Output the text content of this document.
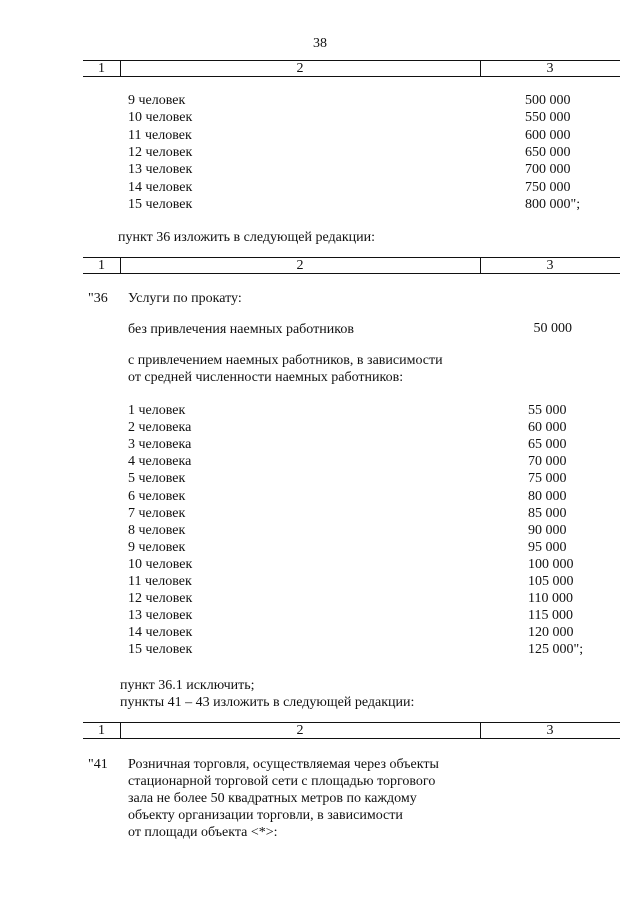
38
1	2	3
9 человек	500 000
10 человек	550 000
11 человек	600 000
12 человек	650 000
13 человек	700 000
14 человек	750 000
15 человек	800 000";
пункт 36 изложить в следующей редакции:
1	2	3
"36 Услуги по прокату:
без привлечения наемных работников	50 000
с привлечением наемных работников, в зависимости
от средней численности наемных работников:
1 человек	55 000
2 человека	60 000
3 человека	65 000
4 человека	70 000
5 человек	75 000
6 человек	80 000
7 человек	85 000
8 человек	90 000
9 человек	95 000
10 человек	100 000
11 человек	105 000
12 человек	110 000
13 человек	115 000
14 человек	120 000
15 человек	125 000";
пункт 36.1 исключить;
пункты 41 – 43 изложить в следующей редакции:
1	2	3
"41 Розничная торговля, осуществляемая через объекты
стационарной торговой сети с площадью торгового
зала не более 50 квадратных метров по каждому
объекту организации торговли, в зависимости
от площади объекта <*>:
